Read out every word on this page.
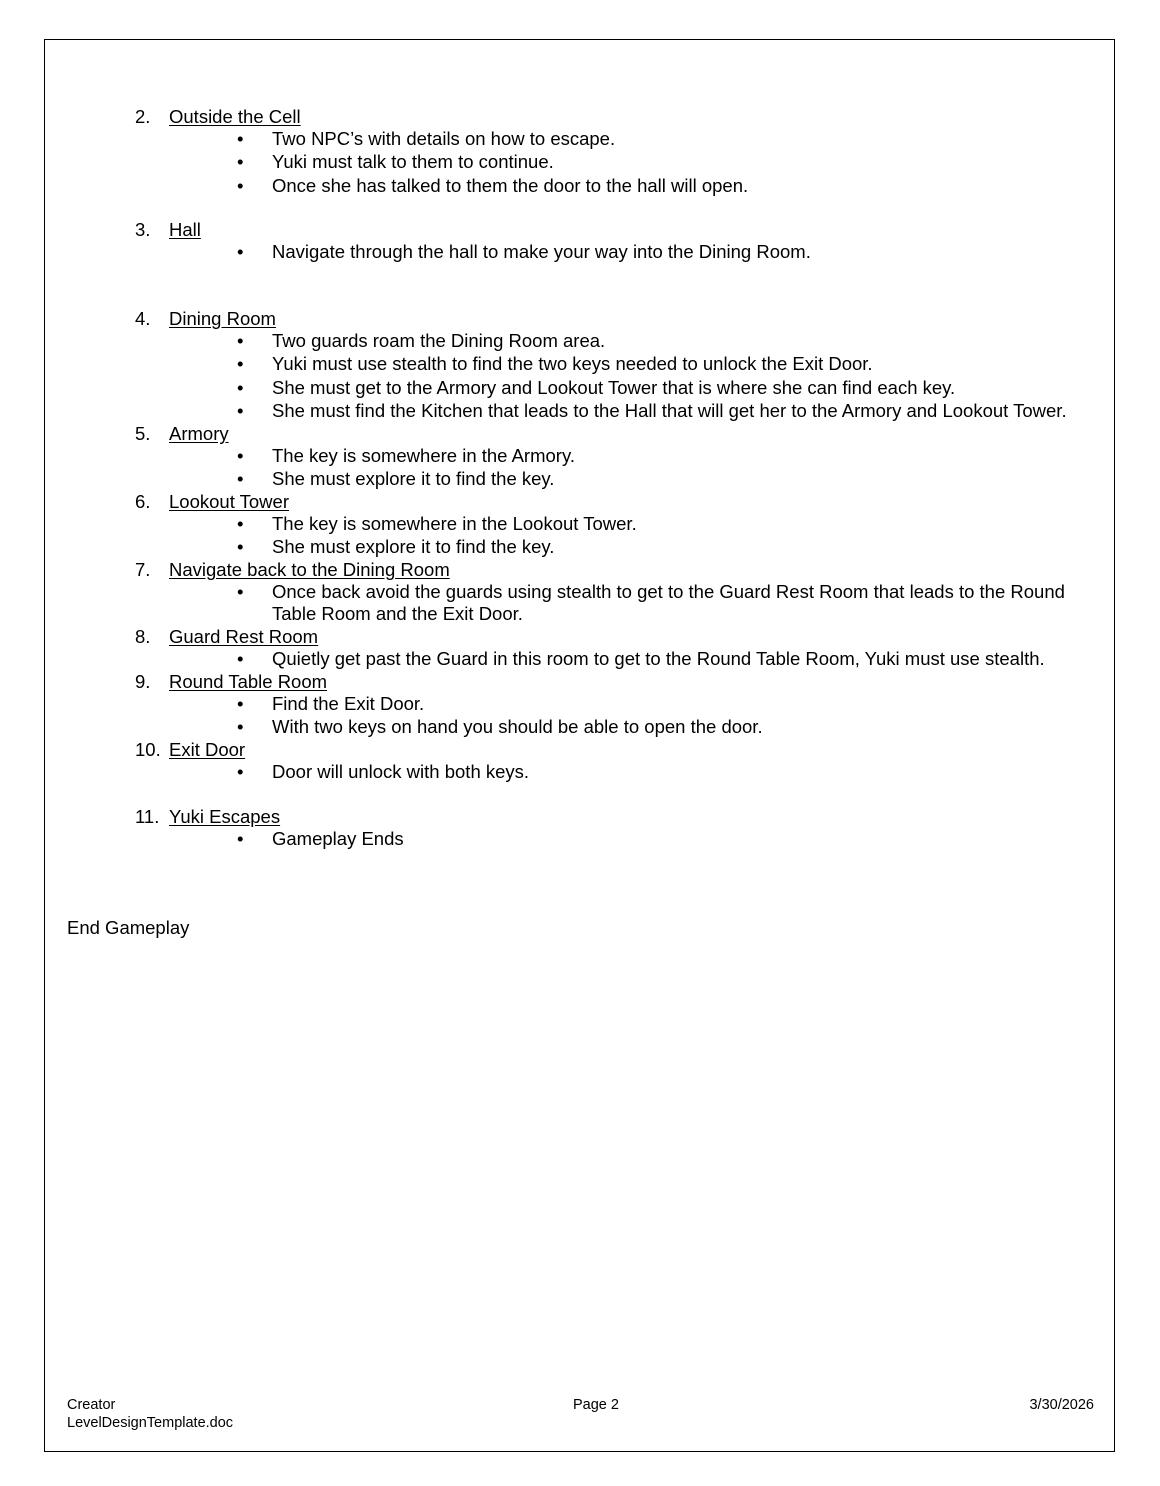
2. Outside the Cell
• Two NPC’s with details on how to escape.
• Yuki must talk to them to continue.
• Once she has talked to them the door to the hall will open.
3. Hall
• Navigate through the hall to make your way into the Dining Room.
4. Dining Room
• Two guards roam the Dining Room area.
• Yuki must use stealth to find the two keys needed to unlock the Exit Door.
• She must get to the Armory and Lookout Tower that is where she can find each key.
• She must find the Kitchen that leads to the Hall that will get her to the Armory and Lookout Tower.
5. Armory
• The key is somewhere in the Armory.
• She must explore it to find the key.
6. Lookout Tower
• The key is somewhere in the Lookout Tower.
• She must explore it to find the key.
7. Navigate back to the Dining Room
• Once back avoid the guards using stealth to get to the Guard Rest Room that leads to the Round Table Room and the Exit Door.
8. Guard Rest Room
• Quietly get past the Guard in this room to get to the Round Table Room, Yuki must use stealth.
9. Round Table Room
• Find the Exit Door.
• With two keys on hand you should be able to open the door.
10. Exit Door
• Door will unlock with both keys.
11. Yuki Escapes
• Gameplay Ends
End Gameplay
Creator
LevelDesignTemplate.doc
Page 2	3/30/2026
